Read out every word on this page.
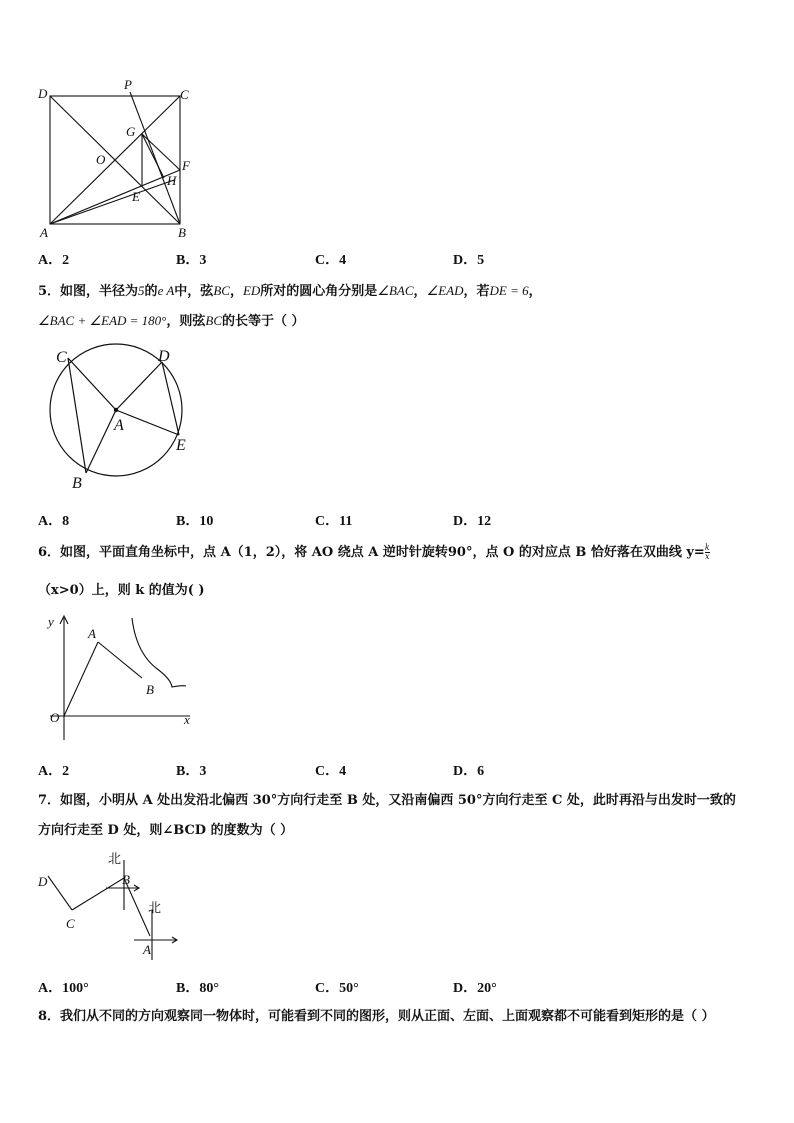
D
P
C
G
O	F
H
E
A	B
A．2	B．3	C．4	D．5
5．如图，半径为5的e A中，弦BC，ED所对的圆心角分别是∠BAC，∠EAD，若DE = 6，
∠BAC + ∠EAD = 180°，则弦BC的长等于（ ）
C	D
A
E
B
A．8	B．10	C．11	D．12
6．如图，平面直角坐标中，点 A（1，2），将 AO 绕点 A 逆时针旋转90°，点 O 的对应点 B 恰好落在双曲线 $y= \frac{k}{x}$
（x>0）上，则 k 的值为( )
y
A
B
O	x
A．2	B．3	C．4	D．6
7．如图，小明从 A 处出发沿北偏西 30°方向行走至 B 处，又沿南偏西 50°方向行走至 C 处，此时再沿与出发时一致的
方向行走至 D 处，则∠BCD 的度数为（ ）
北
B
D
C
北
A
A．100°	B．80°	C．50°	D．20°
8．我们从不同的方向观察同一物体时，可能看到不同的图形，则从正面、左面、上面观察都不可能看到矩形的是（ ）
